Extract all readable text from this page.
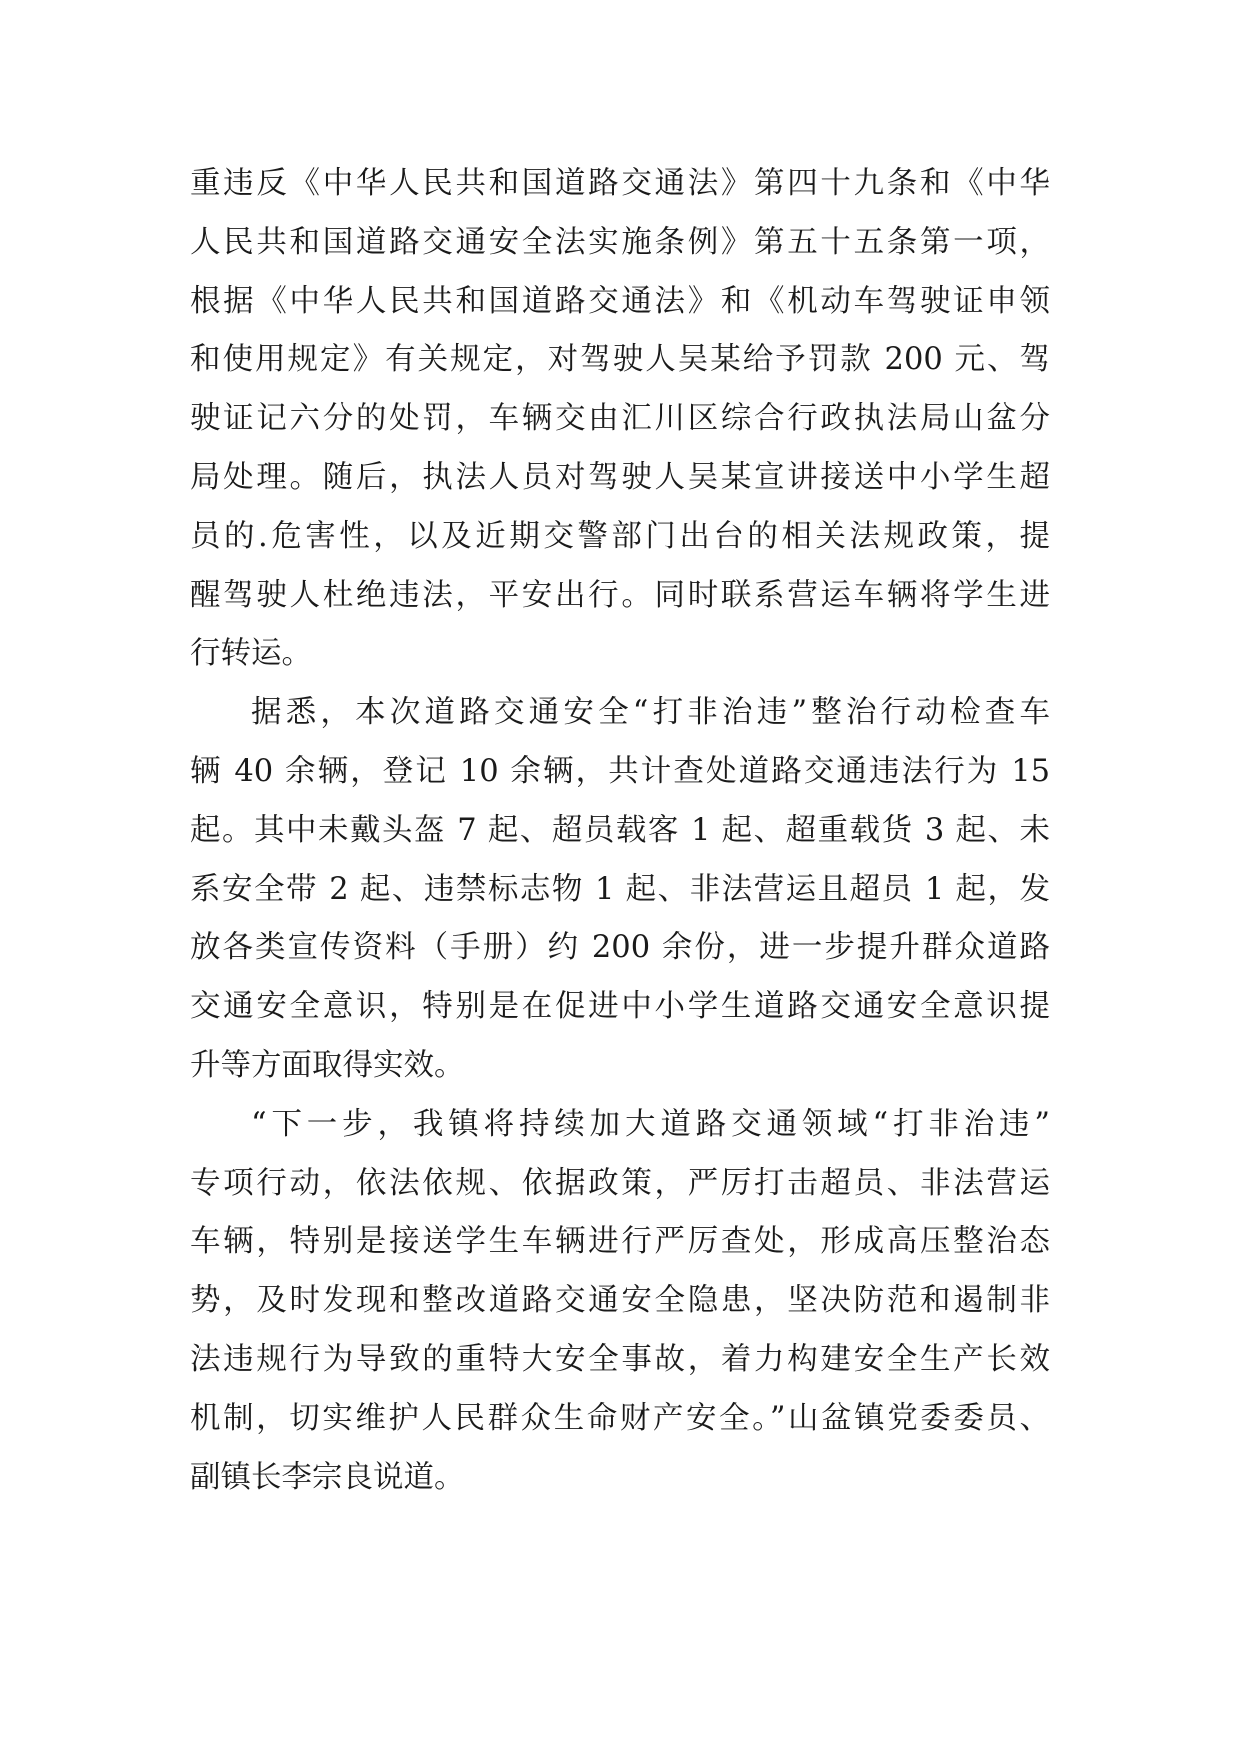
重违反《中华人民共和国道路交通法》第四十九条和《中华
人民共和国道路交通安全法实施条例》第五十五条第一项，
根据《中华人民共和国道路交通法》和《机动车驾驶证申领
和使用规定》有关规定，对驾驶人吴某给予罚款 200 元、驾
驶证记六分的处罚，车辆交由汇川区综合行政执法局山盆分
局处理。随后，执法人员对驾驶人吴某宣讲接送中小学生超
员的.危害性，以及近期交警部门出台的相关法规政策，提
醒驾驶人杜绝违法，平安出行。同时联系营运车辆将学生进
行转运。
据悉，本次道路交通安全“打非治违”整治行动检查车
辆 40 余辆，登记 10 余辆，共计查处道路交通违法行为 15
起。其中未戴头盔 7 起、超员载客 1 起、超重载货 3 起、未
系安全带 2 起、违禁标志物 1 起、非法营运且超员 1 起，发
放各类宣传资料（手册）约 200 余份，进一步提升群众道路
交通安全意识，特别是在促进中小学生道路交通安全意识提
升等方面取得实效。
“下一步，我镇将持续加大道路交通领域“打非治违”
专项行动，依法依规、依据政策，严厉打击超员、非法营运
车辆，特别是接送学生车辆进行严厉查处，形成高压整治态
势，及时发现和整改道路交通安全隐患，坚决防范和遏制非
法违规行为导致的重特大安全事故，着力构建安全生产长效
机制，切实维护人民群众生命财产安全。”山盆镇党委委员、
副镇长李宗良说道。
